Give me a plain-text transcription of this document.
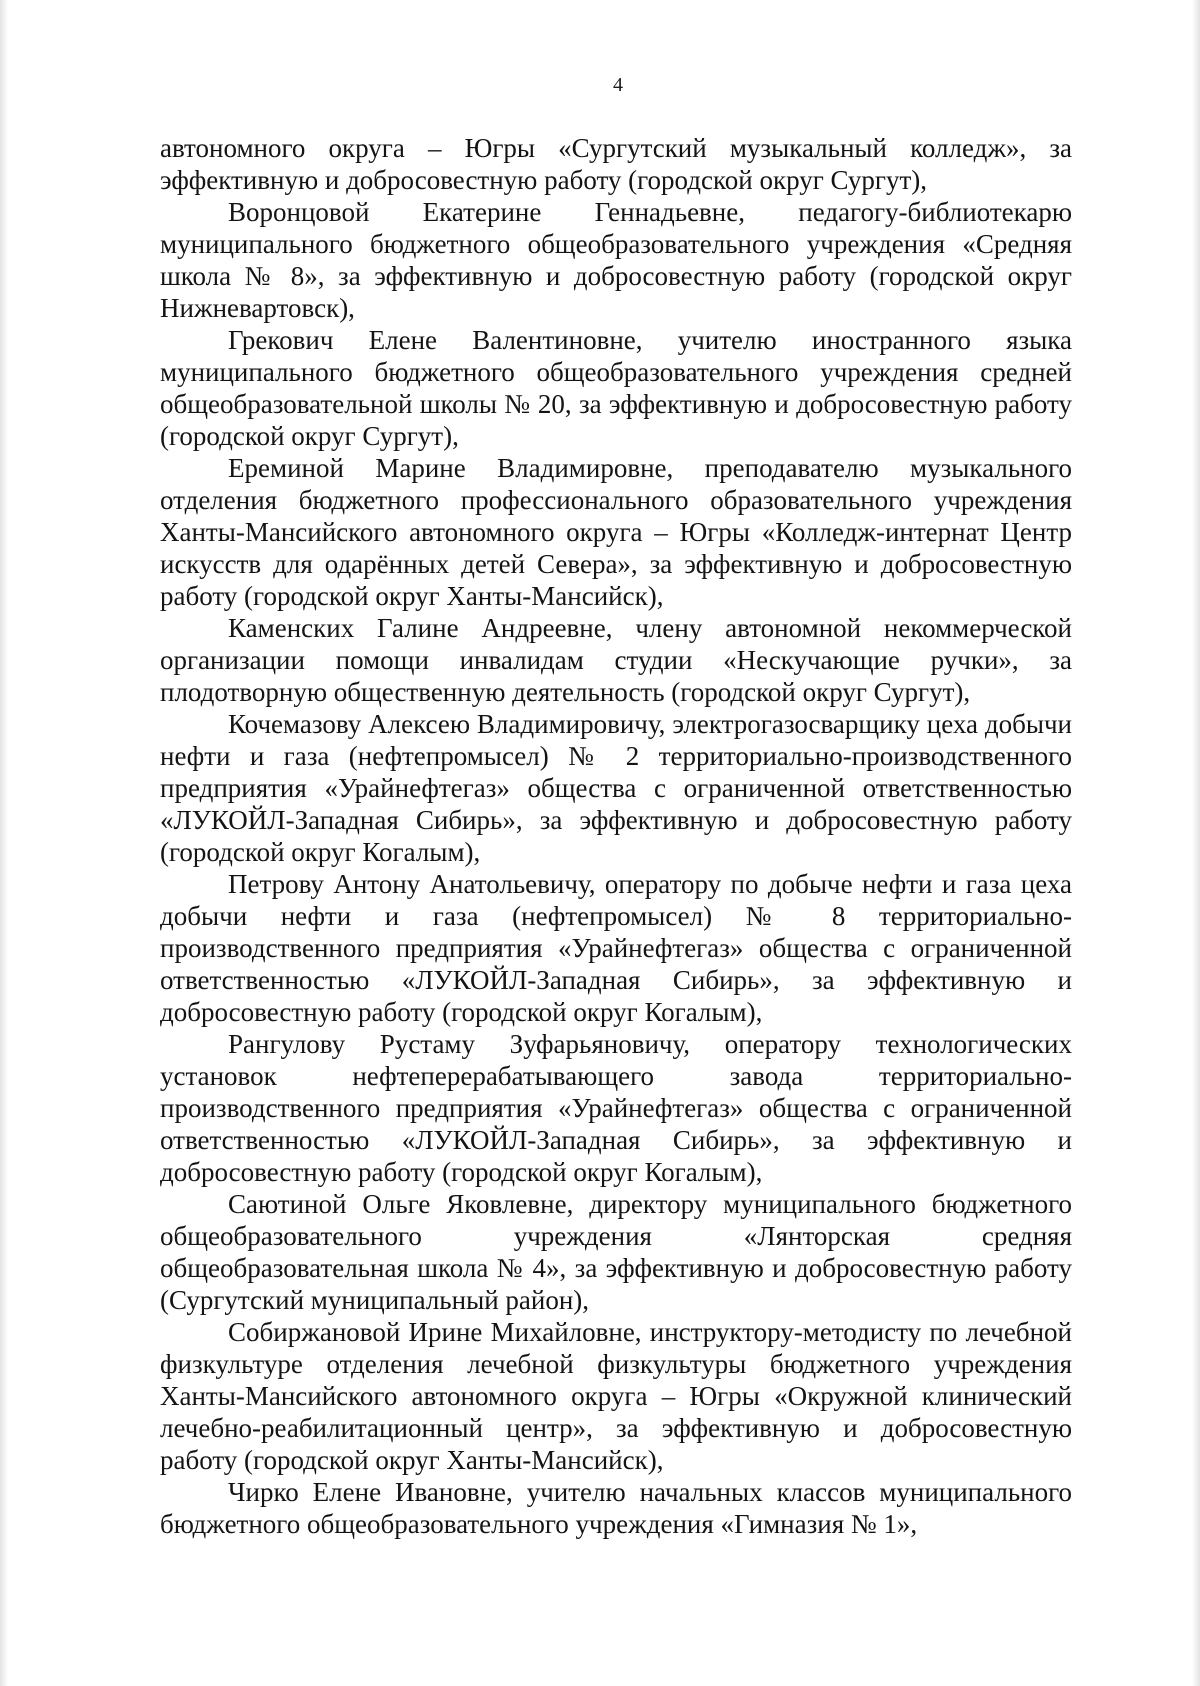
4

автономного округа – Югры «Сургутский музыкальный колледж», за эффективную и добросовестную работу (городской округ Сургут),

Воронцовой Екатерине Геннадьевне, педагогу-библиотекарю муниципального бюджетного общеобразовательного учреждения «Средняя школа № 8», за эффективную и добросовестную работу (городской округ Нижневартовск),

Грекович Елене Валентиновне, учителю иностранного языка муниципального бюджетного общеобразовательного учреждения средней общеобразовательной школы № 20, за эффективную и добросовестную работу (городской округ Сургут),

Ереминой Марине Владимировне, преподавателю музыкального отделения бюджетного профессионального образовательного учреждения Ханты-Мансийского автономного округа – Югры «Колледж-интернат Центр искусств для одарённых детей Севера», за эффективную и добросовестную работу (городской округ Ханты-Мансийск),

Каменских Галине Андреевне, члену автономной некоммерческой организации помощи инвалидам студии «Нескучающие ручки», за плодотворную общественную деятельность (городской округ Сургут),

Кочемазову Алексею Владимировичу, электрогазосварщику цеха добычи нефти и газа (нефтепромысел) № 2 территориально-производственного предприятия «Урайнефтегаз» общества с ограниченной ответственностью «ЛУКОЙЛ-Западная Сибирь», за эффективную и добросовестную работу (городской округ Когалым),

Петрову Антону Анатольевичу, оператору по добыче нефти и газа цеха добычи нефти и газа (нефтепромысел) № 8 территориально-производственного предприятия «Урайнефтегаз» общества с ограниченной ответственностью «ЛУКОЙЛ-Западная Сибирь», за эффективную и добросовестную работу (городской округ Когалым),

Рангулову Рустаму Зуфарьяновичу, оператору технологических установок нефтеперерабатывающего завода территориально-производственного предприятия «Урайнефтегаз» общества с ограниченной ответственностью «ЛУКОЙЛ-Западная Сибирь», за эффективную и добросовестную работу (городской округ Когалым),

Саютиной Ольге Яковлевне, директору муниципального бюджетного общеобразовательного учреждения «Лянторская средняя общеобразовательная школа № 4», за эффективную и добросовестную работу (Сургутский муниципальный район),

Собиржановой Ирине Михайловне, инструктору-методисту по лечебной физкультуре отделения лечебной физкультуры бюджетного учреждения Ханты-Мансийского автономного округа – Югры «Окружной клинический лечебно-реабилитационный центр», за эффективную и добросовестную работу (городской округ Ханты-Мансийск),

Чирко Елене Ивановне, учителю начальных классов муниципального бюджетного общеобразовательного учреждения «Гимназия № 1»,
